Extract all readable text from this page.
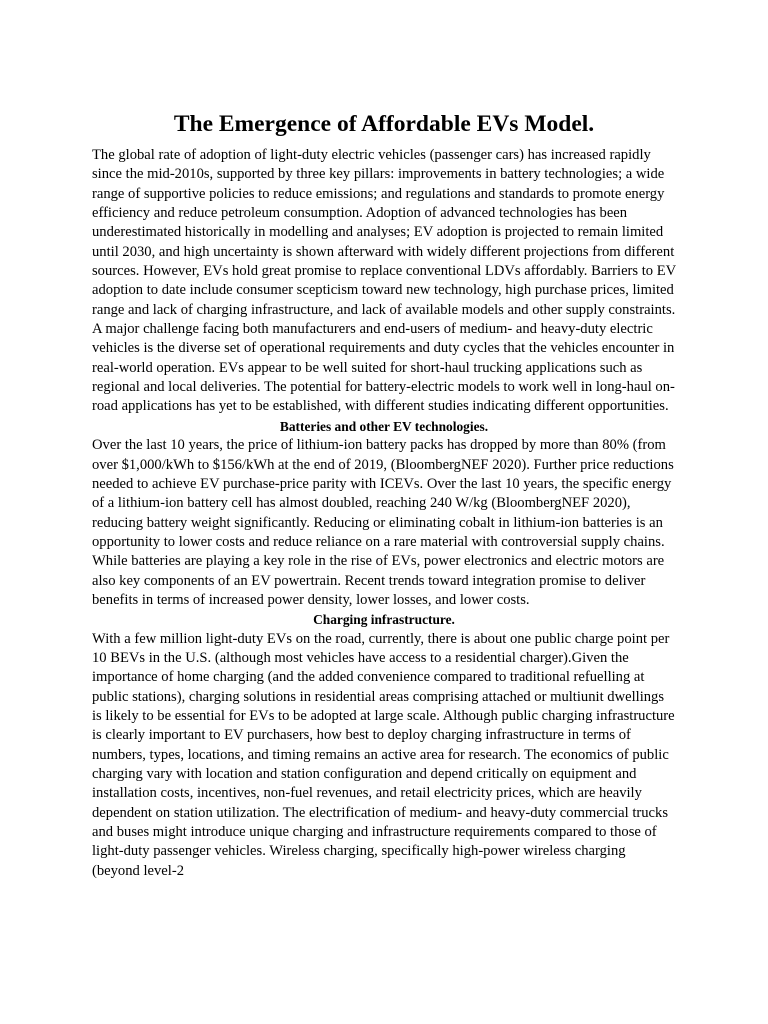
The Emergence of Affordable EVs Model.

The global rate of adoption of light-duty electric vehicles (passenger cars) has increased rapidly since the mid-2010s, supported by three key pillars: improvements in battery technologies; a wide range of supportive policies to reduce emissions; and regulations and standards to promote energy efficiency and reduce petroleum consumption. Adoption of advanced technologies has been underestimated historically in modelling and analyses; EV adoption is projected to remain limited until 2030, and high uncertainty is shown afterward with widely different projections from different sources. However, EVs hold great promise to replace conventional LDVs affordably. Barriers to EV adoption to date include consumer scepticism toward new technology, high purchase prices, limited range and lack of charging infrastructure, and lack of available models and other supply constraints. A major challenge facing both manufacturers and end-users of medium- and heavy-duty electric vehicles is the diverse set of operational requirements and duty cycles that the vehicles encounter in real-world operation. EVs appear to be well suited for short-haul trucking applications such as regional and local deliveries. The potential for battery-electric models to work well in long-haul on-road applications has yet to be established, with different studies indicating different opportunities.

Batteries and other EV technologies.

Over the last 10 years, the price of lithium-ion battery packs has dropped by more than 80% (from over $1,000/kWh to $156/kWh at the end of 2019, (BloombergNEF 2020). Further price reductions needed to achieve EV purchase-price parity with ICEVs. Over the last 10 years, the specific energy of a lithium-ion battery cell has almost doubled, reaching 240 W/kg (BloombergNEF 2020), reducing battery weight significantly. Reducing or eliminating cobalt in lithium-ion batteries is an opportunity to lower costs and reduce reliance on a rare material with controversial supply chains. While batteries are playing a key role in the rise of EVs, power electronics and electric motors are also key components of an EV powertrain. Recent trends toward integration promise to deliver benefits in terms of increased power density, lower losses, and lower costs.

Charging infrastructure.

With a few million light-duty EVs on the road, currently, there is about one public charge point per 10 BEVs in the U.S. (although most vehicles have access to a residential charger).Given the importance of home charging (and the added convenience compared to traditional refuelling at public stations), charging solutions in residential areas comprising attached or multiunit dwellings is likely to be essential for EVs to be adopted at large scale. Although public charging infrastructure is clearly important to EV purchasers, how best to deploy charging infrastructure in terms of numbers, types, locations, and timing remains an active area for research. The economics of public charging vary with location and station configuration and depend critically on equipment and installation costs, incentives, non-fuel revenues, and retail electricity prices, which are heavily dependent on station utilization. The electrification of medium- and heavy-duty commercial trucks and buses might introduce unique charging and infrastructure requirements compared to those of light-duty passenger vehicles. Wireless charging, specifically high-power wireless charging (beyond level-2
